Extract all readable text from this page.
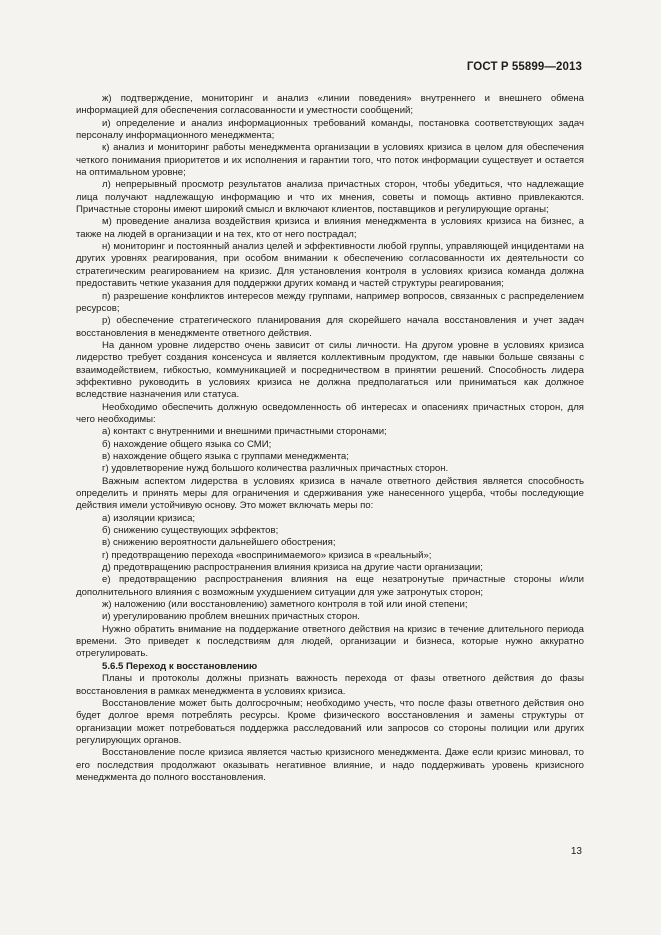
ГОСТ Р 55899—2013

ж) подтверждение, мониторинг и анализ «линии поведения» внутреннего и внешнего обмена информацией для обеспечения согласованности и уместности сообщений;

и) определение и анализ информационных требований команды, постановка соответствующих задач персоналу информационного менеджмента;

к) анализ и мониторинг работы менеджмента организации в условиях кризиса в целом для обеспечения четкого понимания приоритетов и их исполнения и гарантии того, что поток информации существует и остается на оптимальном уровне;

л) непрерывный просмотр результатов анализа причастных сторон, чтобы убедиться, что надлежащие лица получают надлежащую информацию и что их мнения, советы и помощь активно привлекаются. Причастные стороны имеют широкий смысл и включают клиентов, поставщиков и регулирующие органы;

м) проведение анализа воздействия кризиса и влияния менеджмента в условиях кризиса на бизнес, а также на людей в организации и на тех, кто от него пострадал;

н) мониторинг и постоянный анализ целей и эффективности любой группы, управляющей инцидентами на других уровнях реагирования, при особом внимании к обеспечению согласованности их деятельности со стратегическим реагированием на кризис. Для установления контроля в условиях кризиса команда должна предоставить четкие указания для поддержки других команд и частей структуры реагирования;

п) разрешение конфликтов интересов между группами, например вопросов, связанных с распределением ресурсов;

р) обеспечение стратегического планирования для скорейшего начала восстановления и учет задач восстановления в менеджменте ответного действия.

На данном уровне лидерство очень зависит от силы личности. На другом уровне в условиях кризиса лидерство требует создания консенсуса и является коллективным продуктом, где навыки больше связаны с взаимодействием, гибкостью, коммуникацией и посредничеством в принятии решений. Способность лидера эффективно руководить в условиях кризиса не должна предполагаться или приниматься как должное вследствие назначения или статуса.

Необходимо обеспечить должную осведомленность об интересах и опасениях причастных сторон, для чего необходимы:

а) контакт с внутренними и внешними причастными сторонами;

б) нахождение общего языка со СМИ;

в) нахождение общего языка с группами менеджмента;

г) удовлетворение нужд большого количества различных причастных сторон.

Важным аспектом лидерства в условиях кризиса в начале ответного действия является способность определить и принять меры для ограничения и сдерживания уже нанесенного ущерба, чтобы последующие действия имели устойчивую основу. Это может включать меры по:

а) изоляции кризиса;

б) снижению существующих эффектов;

в) снижению вероятности дальнейшего обострения;

г) предотвращению перехода «воспринимаемого» кризиса в «реальный»;

д) предотвращению распространения влияния кризиса на другие части организации;

е) предотвращению распространения влияния на еще незатронутые причастные стороны и/или дополнительного влияния с возможным ухудшением ситуации для уже затронутых сторон;

ж) наложению (или восстановлению) заметного контроля в той или иной степени;

и) урегулированию проблем внешних причастных сторон.

Нужно обратить внимание на поддержание ответного действия на кризис в течение длительного периода времени. Это приведет к последствиям для людей, организации и бизнеса, которые нужно аккуратно отрегулировать.

5.6.5 Переход к восстановлению

Планы и протоколы должны признать важность перехода от фазы ответного действия до фазы восстановления в рамках менеджмента в условиях кризиса.

Восстановление может быть долгосрочным; необходимо учесть, что после фазы ответного действия оно будет долгое время потреблять ресурсы. Кроме физического восстановления и замены структуры от организации может потребоваться поддержка расследований или запросов со стороны полиции или других регулирующих органов.

Восстановление после кризиса является частью кризисного менеджмента. Даже если кризис миновал, то его последствия продолжают оказывать негативное влияние, и надо поддерживать уровень кризисного менеджмента до полного восстановления.

13
